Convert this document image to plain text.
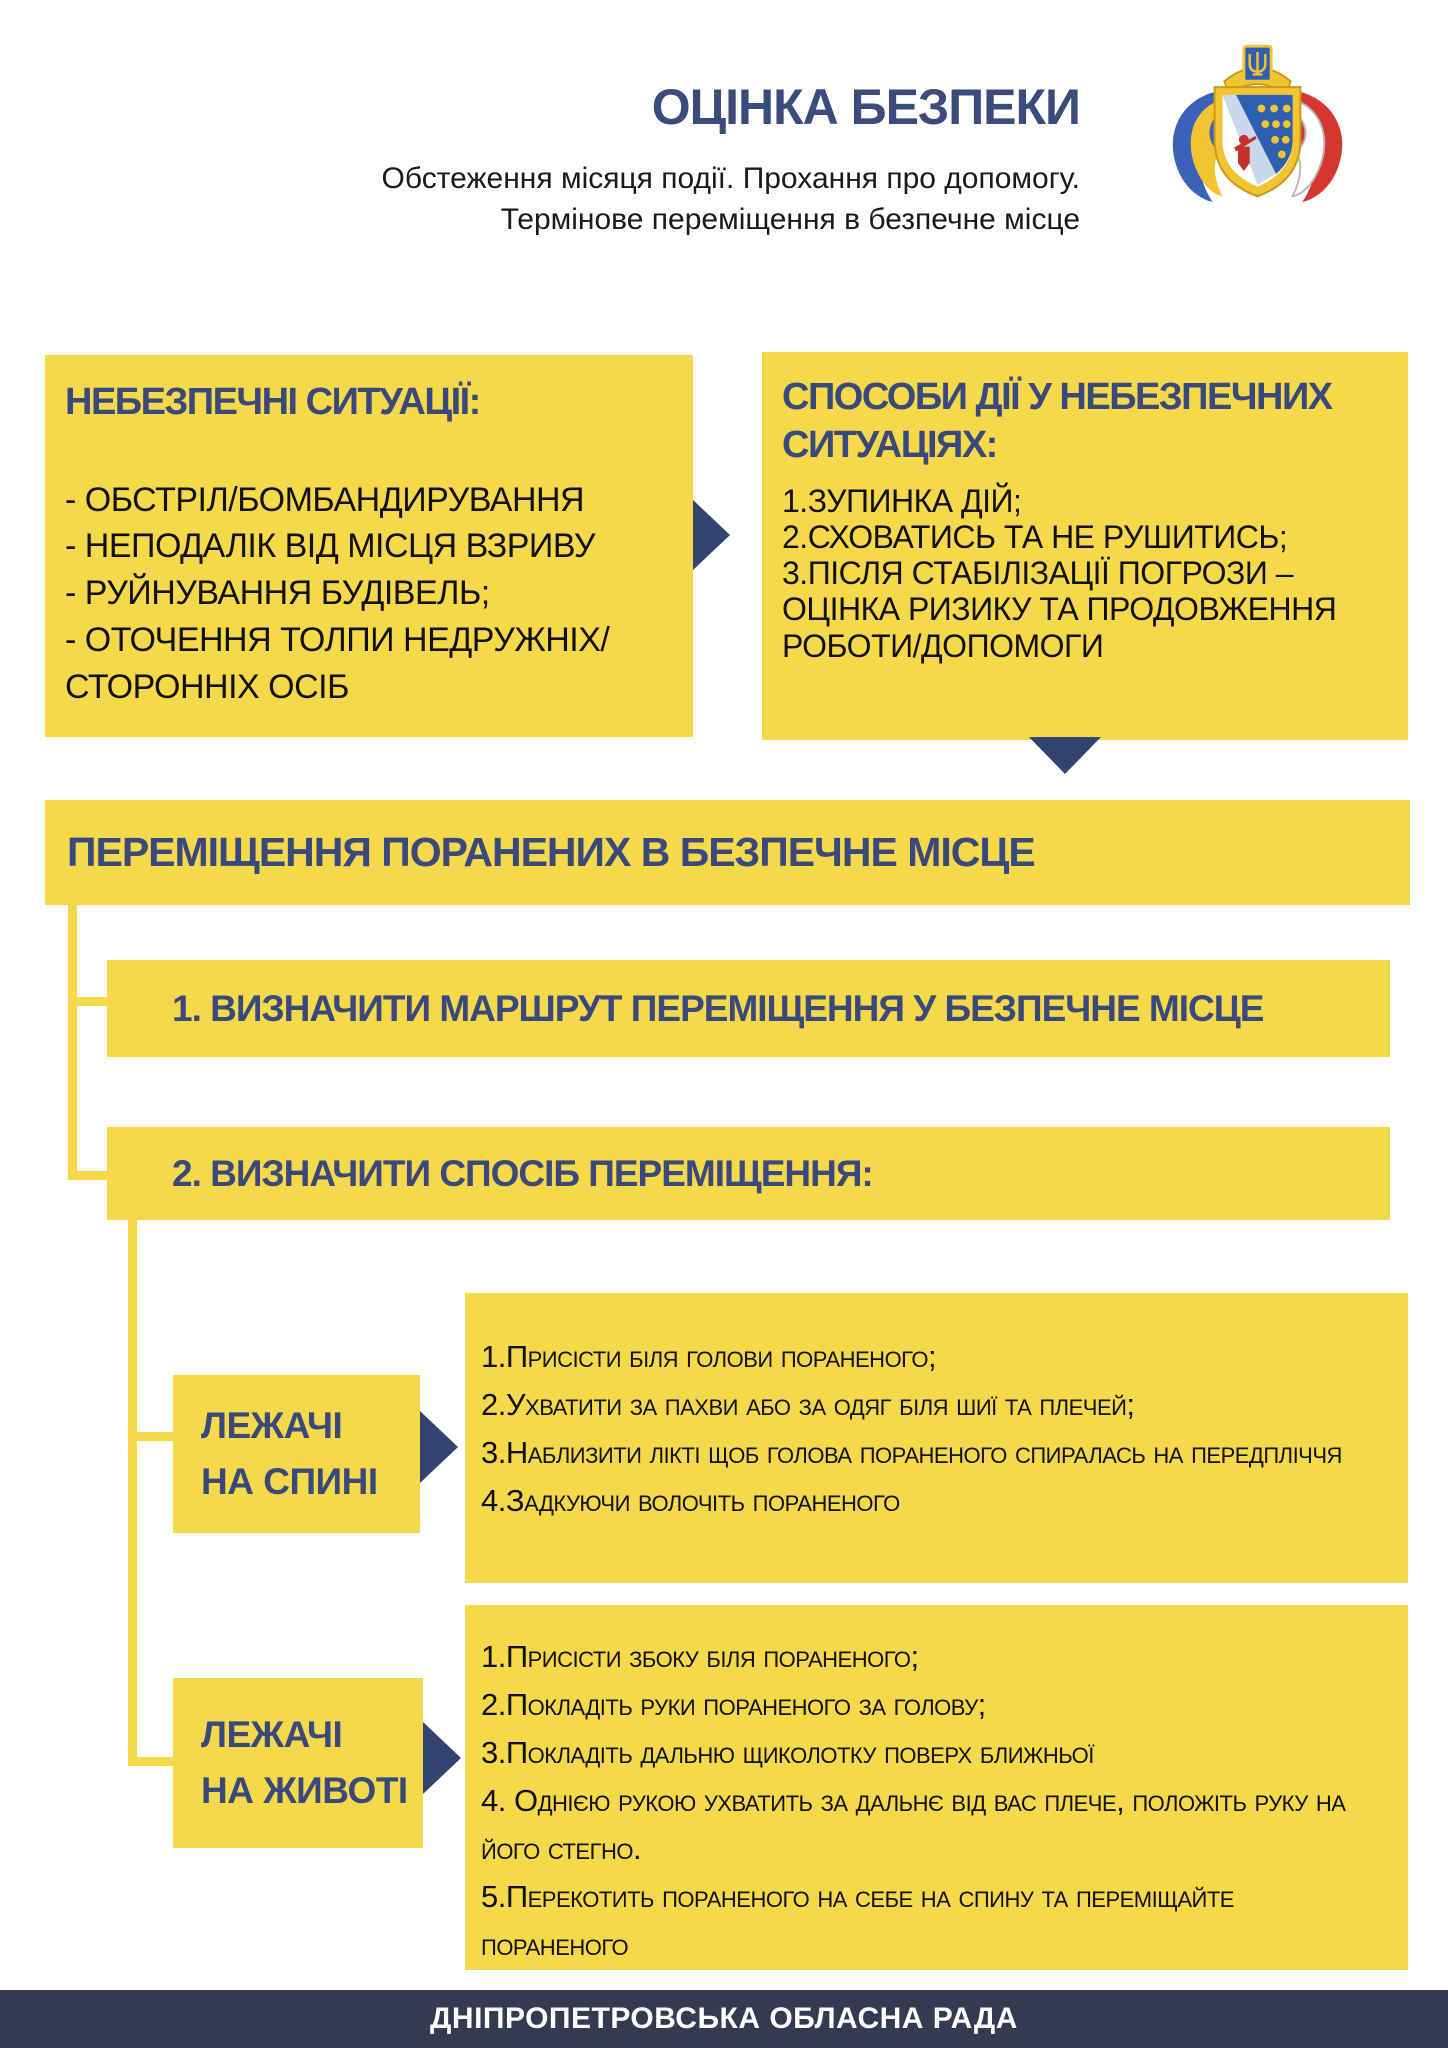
ОЦІНКА БЕЗПЕКИ

Обстеження місяця події. Прохання про допомогу.
Термінове переміщення в безпечне місце

НЕБЕЗПЕЧНІ СИТУАЦІЇ:
- ОБСТРІЛ/БОМБАНДИРУВАННЯ
- НЕПОДАЛІК ВІД МІСЦЯ ВЗРИВУ
- РУЙНУВАННЯ БУДІВЕЛЬ;
- ОТОЧЕННЯ ТОЛПИ НЕДРУЖНІХ/СТОРОННІХ ОСІБ
СПОСОБИ ДІЇ У НЕБЕЗПЕЧНИХ СИТУАЦІЯХ:
1.ЗУПИНКА ДІЙ;
2.СХОВАТИСЬ ТА НЕ РУШИТИСЬ;
3.ПІСЛЯ СТАБІЛІЗАЦІЇ ПОГРОЗИ – ОЦІНКА РИЗИКУ ТА ПРОДОВЖЕННЯ РОБОТИ/ДОПОМОГИ
ПЕРЕМІЩЕННЯ ПОРАНЕНИХ В БЕЗПЕЧНЕ МІСЦЕ
1. ВИЗНАЧИТИ МАРШРУТ ПЕРЕМІЩЕННЯ У БЕЗПЕЧНЕ МІСЦЕ
2. ВИЗНАЧИТИ СПОСІБ ПЕРЕМІЩЕННЯ:
ЛЕЖАЧІ
НА СПИНІ
1.Присісти біля голови пораненого;
2.Ухватити за пахви або за одяг біля шиї та плечей;
3.Наблизити лікті щоб голова пораненого спиралась на передпліччя
4.Задкуючи волочіть пораненого
ЛЕЖАЧІ
НА ЖИВОТІ
1.Присісти збоку біля пораненого;
2.Покладіть руки пораненого за голову;
3.Покладіть дальню щиколотку поверх ближньої
4. Однією рукою ухватить за дальнє від вас плече, положіть руку на його стегно.
5.Перекотить пораненого на себе на спину та переміщайте пораненого
ДНІПРОПЕТРОВСЬКА ОБЛАСНА РАДА
